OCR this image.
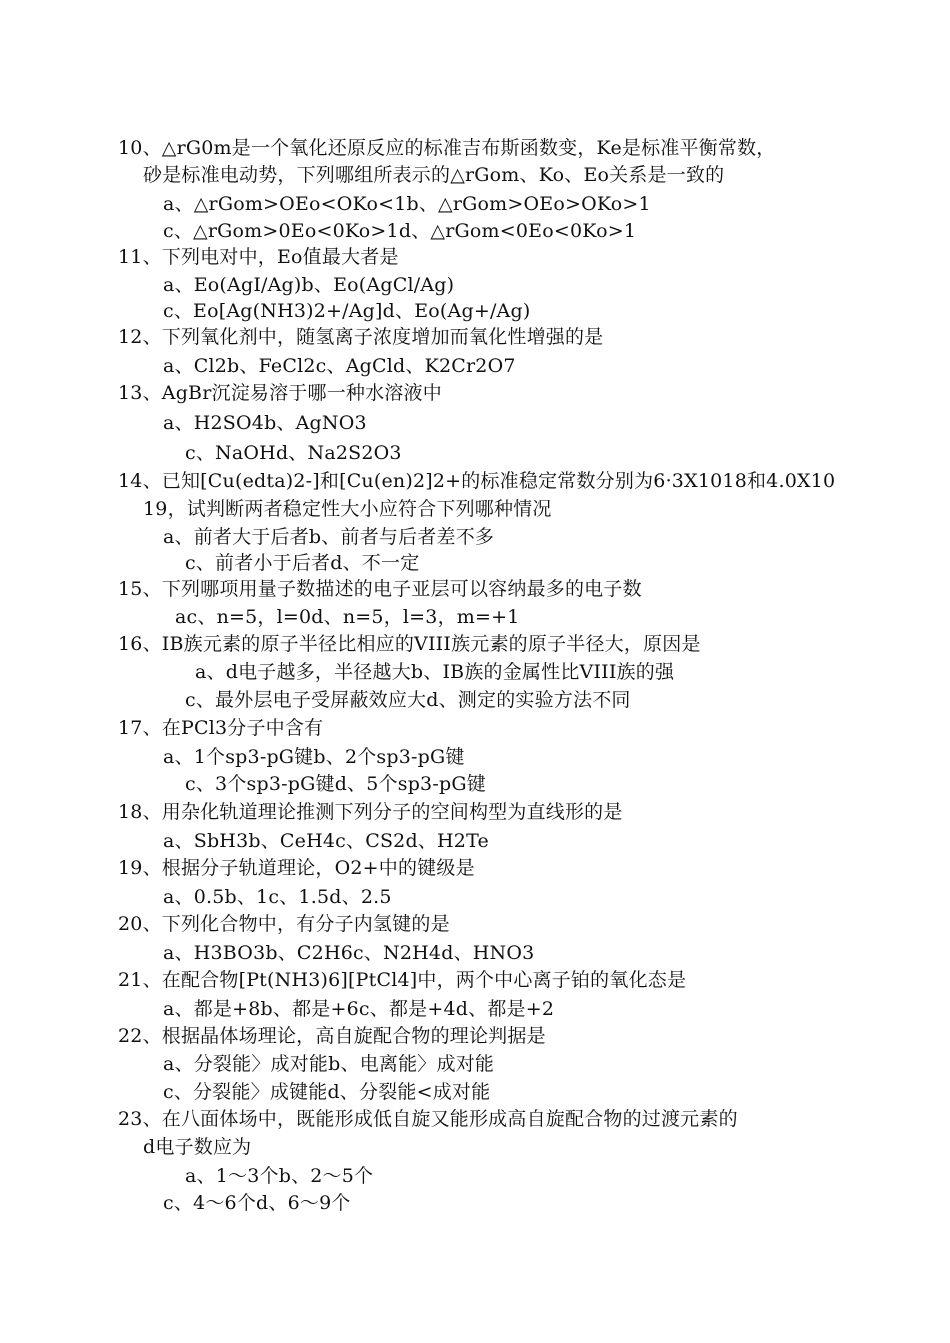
10、△rG0m是一个氧化还原反应的标准吉布斯函数变，Ke是标准平衡常数，
砂是标准电动势，下列哪组所表示的△rGom、Ko、Eo关系是一致的
a、△rGom>OEo<OKo<1b、△rGom>OEo>OKo>1
c、△rGom>0Eo<0Ko>1d、△rGom<0Eo<0Ko>1
11、下列电对中，Eo值最大者是
a、Eo(AgI/Ag)b、Eo(AgCl/Ag)
c、Eo[Ag(NH3)2+/Ag]d、Eo(Ag+/Ag)
12、下列氧化剂中，随氢离子浓度增加而氧化性增强的是
a、Cl2b、FeCl2c、AgCld、K2Cr2O7
13、AgBr沉淀易溶于哪一种水溶液中
a、H2SO4b、AgNO3
c、NaOHd、Na2S2O3
14、已知[Cu(edta)2-]和[Cu(en)2]2+的标准稳定常数分别为6·3X1018和4.0X10
19，试判断两者稳定性大小应符合下列哪种情况
a、前者大于后者b、前者与后者差不多
c、前者小于后者d、不一定
15、下列哪项用量子数描述的电子亚层可以容纳最多的电子数
ac、n=5，l=0d、n=5，l=3，m=+1
16、IB族元素的原子半径比相应的VIII族元素的原子半径大，原因是
a、d电子越多，半径越大b、IB族的金属性比VIII族的强
c、最外层电子受屏蔽效应大d、测定的实验方法不同
17、在PCl3分子中含有
a、1个sp3-pG键b、2个sp3-pG键
c、3个sp3-pG键d、5个sp3-pG键
18、用杂化轨道理论推测下列分子的空间构型为直线形的是
a、SbH3b、CeH4c、CS2d、H2Te
19、根据分子轨道理论，O2+中的键级是
a、0.5b、1c、1.5d、2.5
20、下列化合物中，有分子内氢键的是
a、H3BO3b、C2H6c、N2H4d、HNO3
21、在配合物[Pt(NH3)6][PtCl4]中，两个中心离子铂的氧化态是
a、都是+8b、都是+6c、都是+4d、都是+2
22、根据晶体场理论，高自旋配合物的理论判据是
a、分裂能〉成对能b、电离能〉成对能
c、分裂能〉成键能d、分裂能<成对能
23、在八面体场中，既能形成低自旋又能形成高自旋配合物的过渡元素的
d电子数应为
a、1〜3个b、2〜5个
c、4〜6个d、6〜9个
